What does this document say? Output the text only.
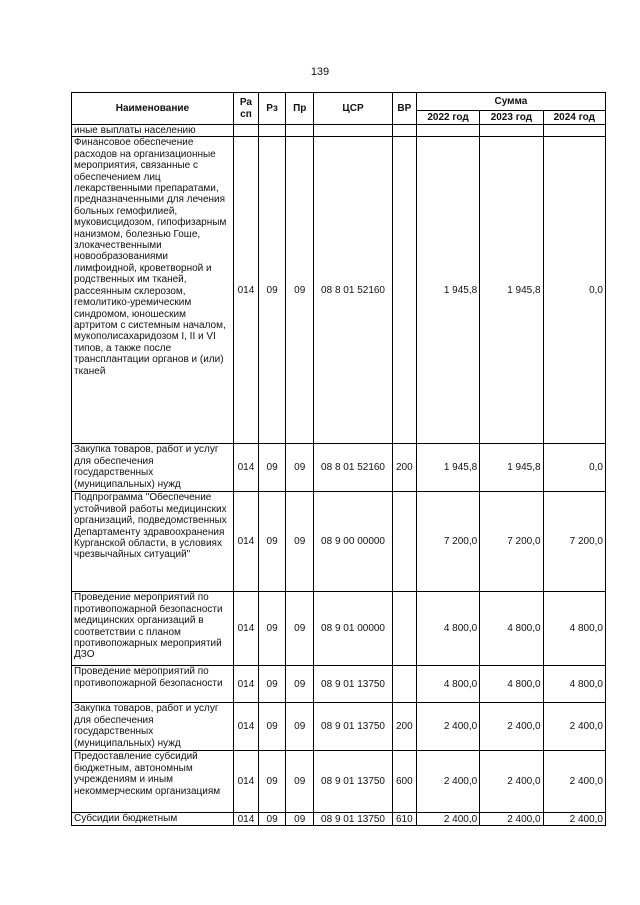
139
Наименование	Ра сп	Рз	Пр	ЦСР	ВР	Сумма		
						2022 год	2023 год	2024 год
иные выплаты населению								
Финансовое обеспечение расходов на организационные мероприятия, связанные с обеспечением лиц лекарственными препаратами, предназначенными для лечения больных гемофилией, муковисцидозом, гипофизарным нанизмом, болезнью Гоше, злокачественными новообразованиями лимфоидной, кроветворной и родственных им тканей, рассеянным склерозом, гемолитико-уремическим синдромом, юношеским артритом с системным началом, мукополисахаридозом I, II и VI типов, а также после трансплантации органов и (или) тканей	014	09	09	08 8 01 52160		1 945,8	1 945,8	0,0
Закупка товаров, работ и услуг для обеспечения государственных (муниципальных) нужд	014	09	09	08 8 01 52160	200	1 945,8	1 945,8	0,0
Подпрограмма "Обеспечение устойчивой работы медицинских организаций, подведомственных Департаменту здравоохранения Курганской области, в условиях чрезвычайных ситуаций"	014	09	09	08 9 00 00000		7 200,0	7 200,0	7 200,0
Проведение мероприятий по противопожарной безопасности медицинских организаций в соответствии с планом противопожарных мероприятий ДЗО	014	09	09	08 9 01 00000		4 800,0	4 800,0	4 800,0
Проведение мероприятий по противопожарной безопасности	014	09	09	08 9 01 13750		4 800,0	4 800,0	4 800,0
Закупка товаров, работ и услуг для обеспечения государственных (муниципальных) нужд	014	09	09	08 9 01 13750	200	2 400,0	2 400,0	2 400,0
Предоставление субсидий бюджетным, автономным учреждениям и иным некоммерческим организациям	014	09	09	08 9 01 13750	600	2 400,0	2 400,0	2 400,0
Субсидии бюджетным	014	09	09	08 9 01 13750	610	2 400,0	2 400,0	2 400,0
